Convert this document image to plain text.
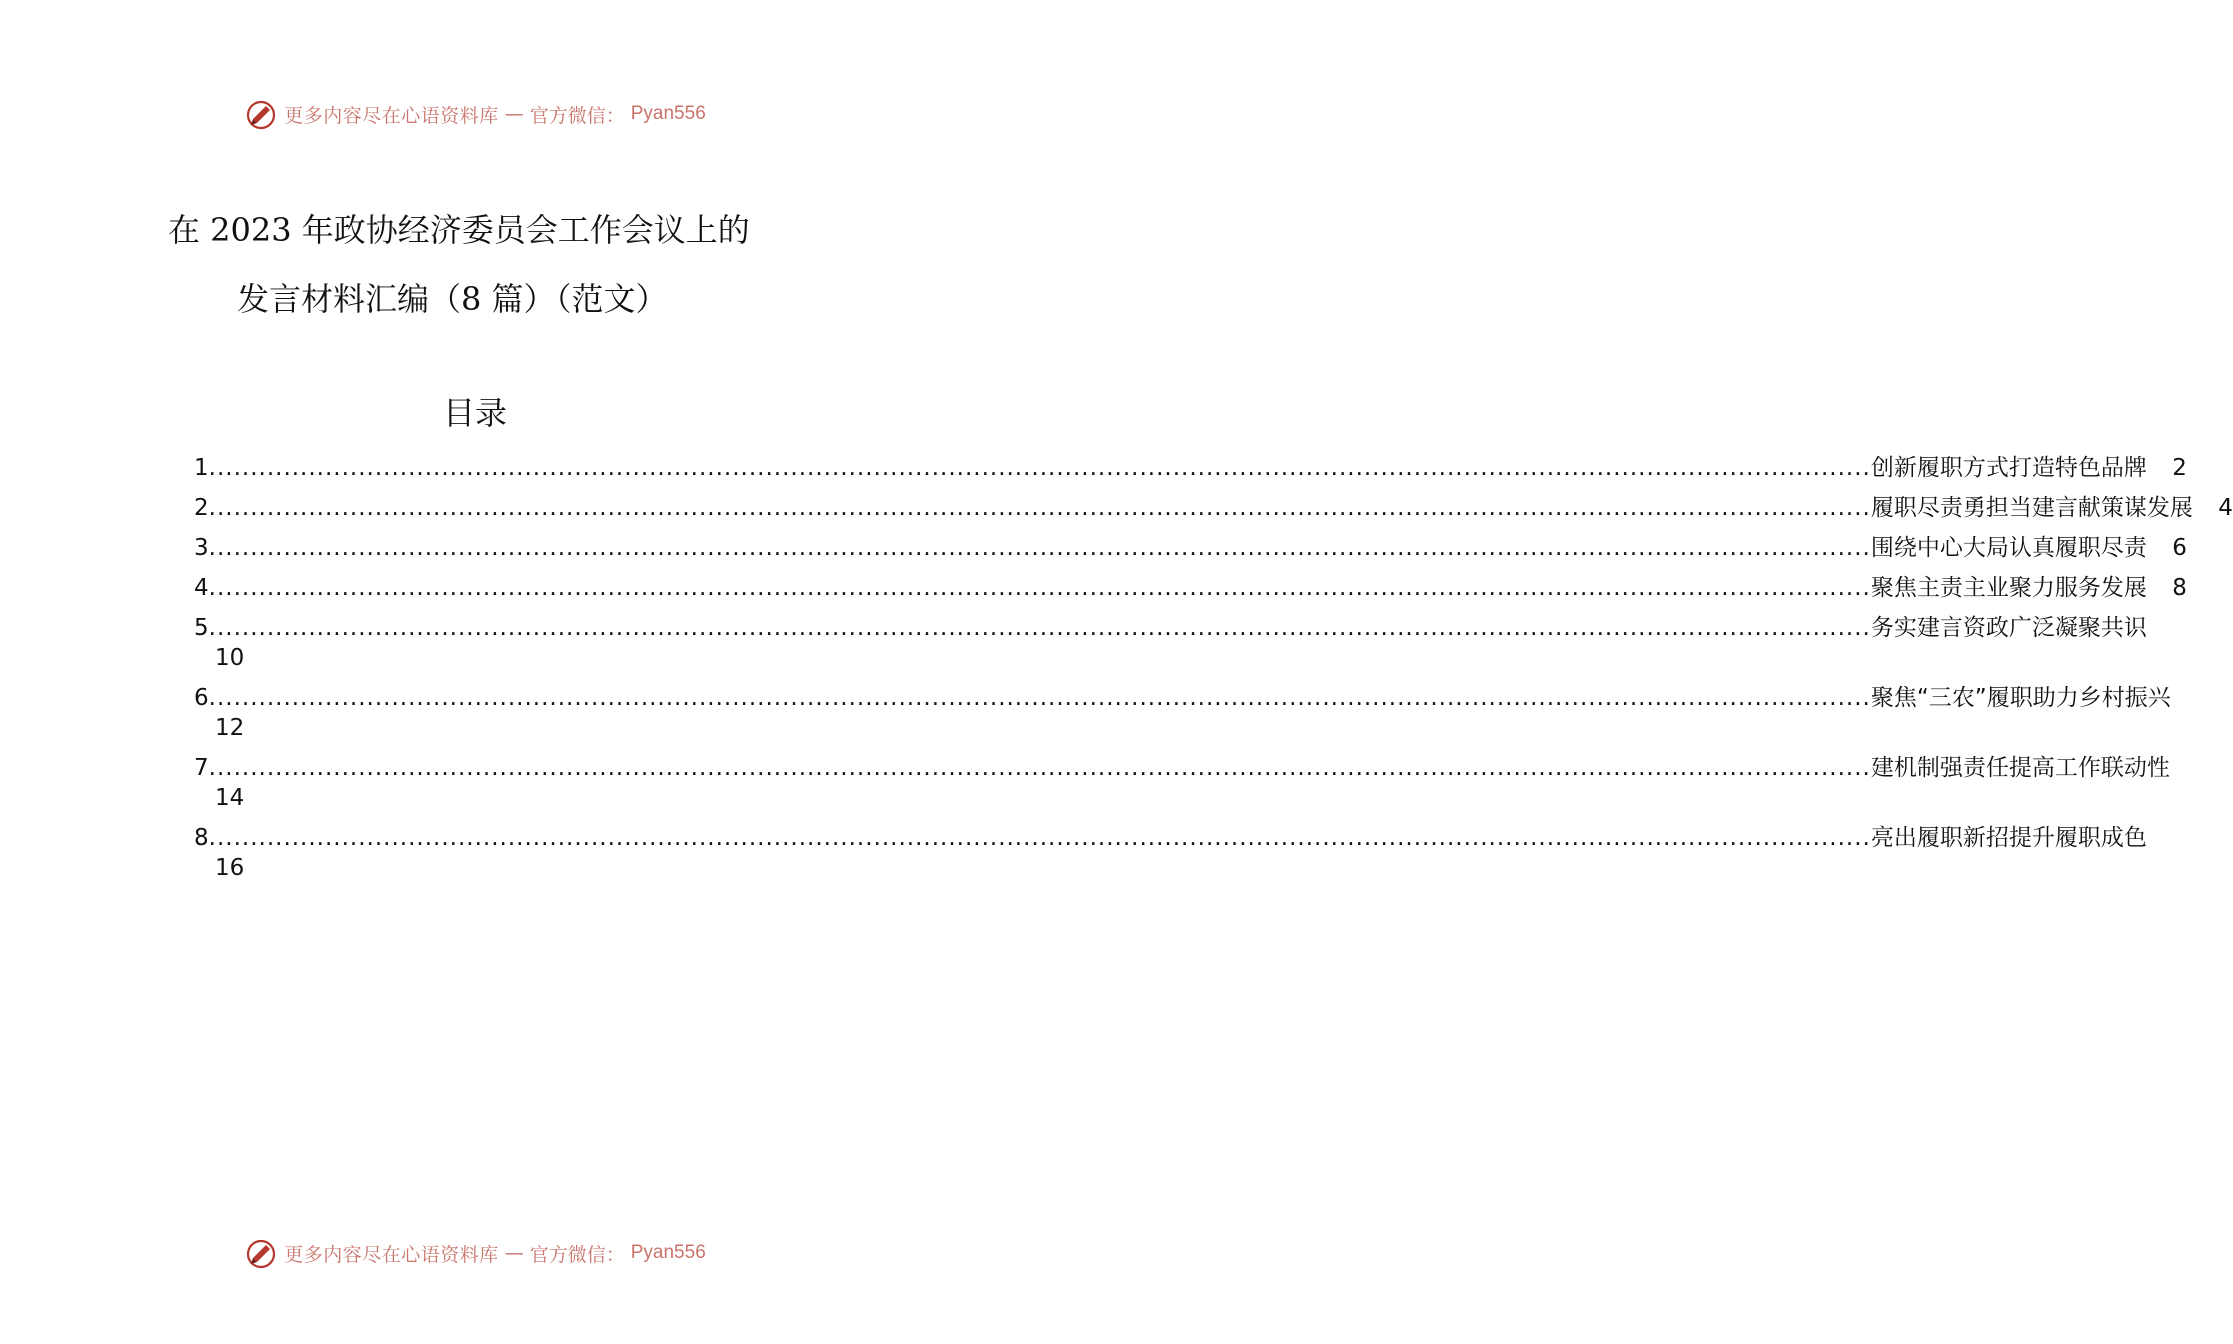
更多内容尽在心语资料库 — 官方微信： Pyan556
在 2023 年政协经济委员会工作会议上的
发言材料汇编（8 篇）（范文）
目录
1 ........................................................................................................................................................................................................ 创新履职方式打造特色品牌	2
2 ........................................................................................................................................................................................................ 履职尽责勇担当建言献策谋发展	4
3 ........................................................................................................................................................................................................ 围绕中心大局认真履职尽责	6
4 ........................................................................................................................................................................................................ 聚焦主责主业聚力服务发展	8
5 ........................................................................................................................................................................................................ 务实建言资政广泛凝聚共识
10
6 ........................................................................................................................................................................................................ 聚焦“三农”履职助力乡村振兴
12
7 ........................................................................................................................................................................................................ 建机制强责任提高工作联动性
14
8 ........................................................................................................................................................................................................ 亮出履职新招提升履职成色
16
更多内容尽在心语资料库 — 官方微信： Pyan556
